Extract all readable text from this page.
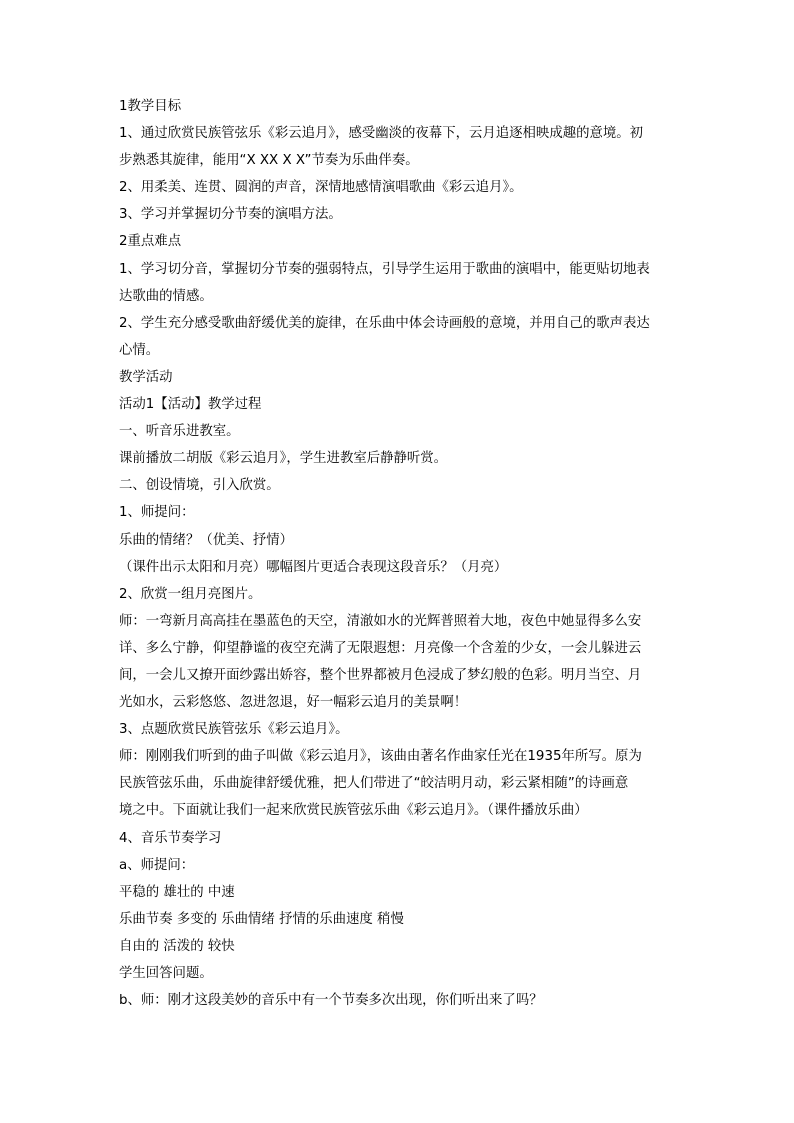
1教学目标
1、通过欣赏民族管弦乐《彩云追月》，感受幽淡的夜幕下，云月追逐相映成趣的意境。初
步熟悉其旋律，能用“X XX X X”节奏为乐曲伴奏。
2、用柔美、连贯、圆润的声音，深情地感情演唱歌曲《彩云追月》。
3、学习并掌握切分节奏的演唱方法。
2重点难点
1、学习切分音，掌握切分节奏的强弱特点，引导学生运用于歌曲的演唱中，能更贴切地表
达歌曲的情感。
2、学生充分感受歌曲舒缓优美的旋律，在乐曲中体会诗画般的意境，并用自己的歌声表达
心情。
教学活动
活动1【活动】教学过程
一、听音乐进教室。
课前播放二胡版《彩云追月》，学生进教室后静静听赏。
二、创设情境，引入欣赏。
1、师提问：
乐曲的情绪？（优美、抒情）
（课件出示太阳和月亮）哪幅图片更适合表现这段音乐？（月亮）
2、欣赏一组月亮图片。
师：一弯新月高高挂在墨蓝色的天空，清澈如水的光辉普照着大地，夜色中她显得多么安
详、多么宁静，仰望静谧的夜空充满了无限遐想：月亮像一个含羞的少女，一会儿躲进云
间，一会儿又撩开面纱露出娇容，整个世界都被月色浸成了梦幻般的色彩。明月当空、月
光如水，云彩悠悠、忽进忽退，好一幅彩云追月的美景啊！
3、点题欣赏民族管弦乐《彩云追月》。
师：刚刚我们听到的曲子叫做《彩云追月》，该曲由著名作曲家任光在1935年所写。原为
民族管弦乐曲，乐曲旋律舒缓优雅，把人们带进了“皎洁明月动，彩云紧相随”的诗画意
境之中。下面就让我们一起来欣赏民族管弦乐曲《彩云追月》。（课件播放乐曲）
4、音乐节奏学习
a、师提问：
平稳的 雄壮的 中速
乐曲节奏 多变的 乐曲情绪 抒情的乐曲速度 稍慢
自由的 活泼的 较快
学生回答问题。
b、师：刚才这段美妙的音乐中有一个节奏多次出现，你们听出来了吗？
